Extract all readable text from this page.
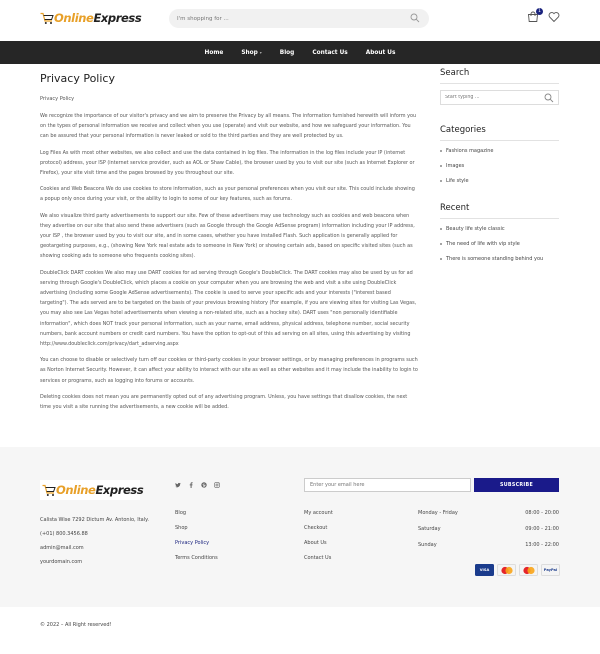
OnlineExpress
I'm shopping for ...	1
Home	Shop ▾	Blog	Contact Us	About Us
Privacy Policy
Privacy Policy

We recognize the importance of our visitor's privacy and we aim to preserve the Privacy by all means. The information furnished herewith will inform you on the types of personal information we receive and collect when you use (operate) and visit our website, and how we safeguard your information. You can be assured that your personal information is never leaked or sold to the third parties and they are well protected by us.

Log Files As with most other websites, we also collect and use the data contained in log files. The information in the log files include your IP (internet protocol) address, your ISP (internet service provider, such as AOL or Shaw Cable), the browser used by you to visit our site (such as Internet Explorer or Firefox), your site visit time and the pages browsed by you throughout our site.

Cookies and Web Beacons We do use cookies to store information, such as your personal preferences when you visit our site. This could include showing a popup only once during your visit, or the ability to login to some of our key features, such as forums.

We also visualize third party advertisements to support our site. Few of these advertisers may use technology such as cookies and web beacons when they advertise on our site that also send these advertisers (such as Google through the Google AdSense program) information including your IP address, your ISP , the browser used by you to visit our site, and in some cases, whether you have installed Flash. Such application is generally applied for geotargeting purposes, e.g., (showing New York real estate ads to someone in New York) or showing certain ads, based on specific visited sites (such as showing cooking ads to someone who frequents cooking sites).

DoubleClick DART cookies We also may use DART cookies for ad serving through Google's DoubleClick. The DART cookies may also be used by us for ad serving through Google's DoubleClick, which places a cookie on your computer when you are browsing the web and visit a site using DoubleClick advertising (including some Google AdSense advertisements). The cookie is used to serve your specific ads and your interests ("interest based targeting"). The ads served are to be targeted on the basis of your previous browsing history (For example, if you are viewing sites for visiting Las Vegas, you may also see Las Vegas hotel advertisements when viewing a non-related site, such as a hockey site). DART uses "non personally identifiable information", which does NOT track your personal information, such as your name, email address, physical address, telephone number, social security numbers, bank account numbers or credit card numbers. You have the option to opt-out of this ad serving on all sites, using this advertising by visiting http://www.doubleclick.com/privacy/dart_adserving.aspx

You can choose to disable or selectively turn off our cookies or third-party cookies in your browser settings, or by managing preferences in programs such as Norton Internet Security. However, it can affect your ability to interact with our site as well as other websites and it may include the inability to login to services or programs, such as logging into forums or accounts.

Deleting cookies does not mean you are permanently opted out of any advertising program. Unless, you have settings that disallow cookies, the next time you visit a site running the advertisements, a new cookie will be added.

Search
Start typing ...
Categories
Fashions magazine
Images
Life style
Recent
Beauty life style classic
The need of life with vip style
There is someone standing behind you
OnlineExpress
Calista Wise 7292 Dictum Av. Antonio, Italy.
(+01) 800.3456.88
admin@mail.com
yourdomain.com
Blog
Shop
Privacy Policy
Terms Conditions
Enter your email here
SUBSCRIBE
My account
Checkout
About Us
Contact Us
Monday - Friday	08:00 - 20:00
Saturday	09:00 - 21:00
Sunday	13:00 - 22:00
VISA	PayPal
© 2022 – All Right reserved!
